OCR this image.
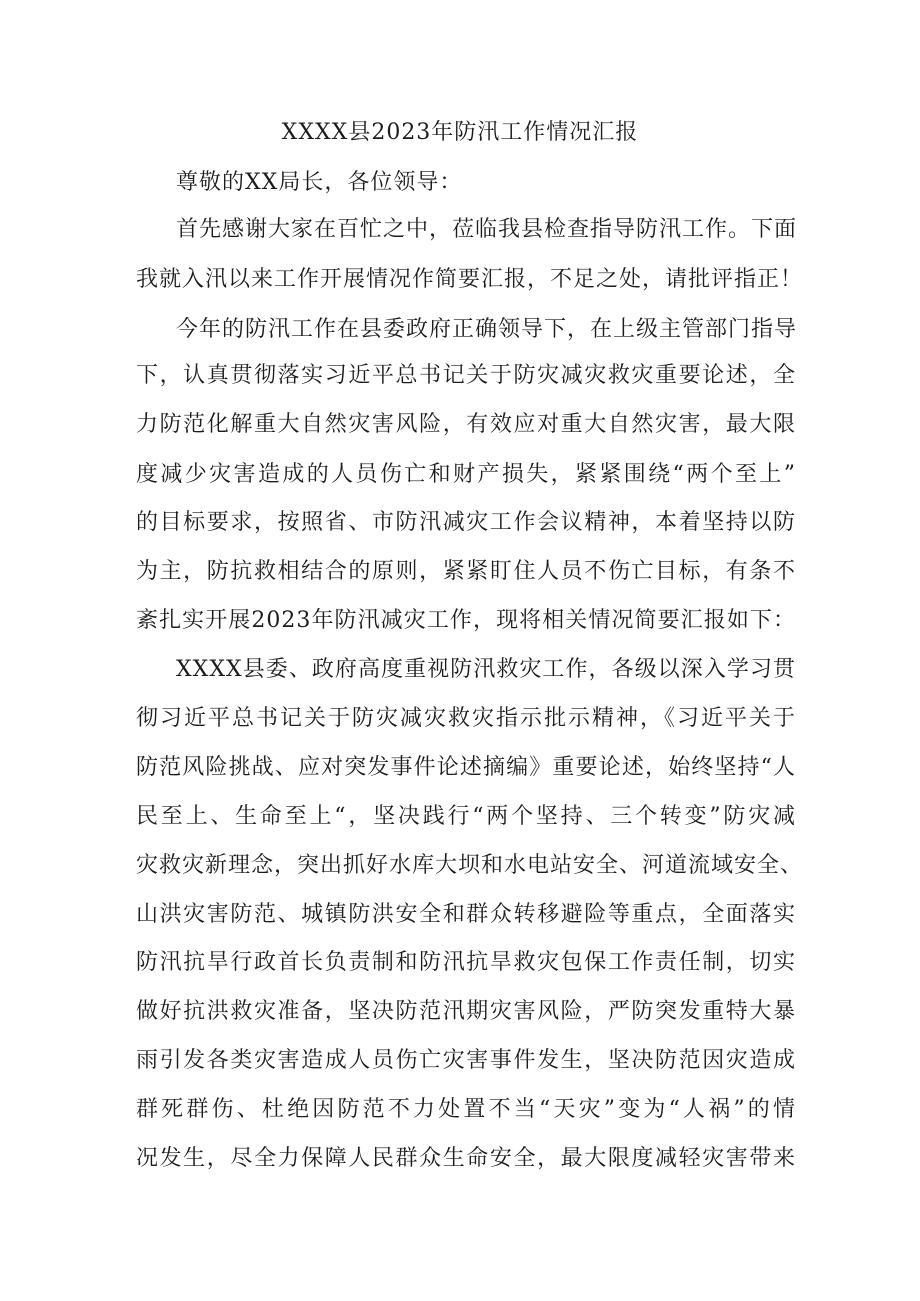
XXXX县2023年防汛工作情况汇报
尊敬的XX局长，各位领导：
首先感谢大家在百忙之中，莅临我县检查指导防汛工作。下面
我就入汛以来工作开展情况作简要汇报，不足之处，请批评指正！
今年的防汛工作在县委政府正确领导下，在上级主管部门指导
下，认真贯彻落实习近平总书记关于防灾减灾救灾重要论述，全
力防范化解重大自然灾害风险，有效应对重大自然灾害，最大限
度减少灾害造成的人员伤亡和财产损失，紧紧围绕“两个至上”
的目标要求，按照省、市防汛减灾工作会议精神，本着坚持以防
为主，防抗救相结合的原则，紧紧盯住人员不伤亡目标，有条不
紊扎实开展2023年防汛减灾工作，现将相关情况简要汇报如下：
XXXX县委、政府高度重视防汛救灾工作，各级以深入学习贯
彻习近平总书记关于防灾减灾救灾指示批示精神，《习近平关于
防范风险挑战、应对突发事件论述摘编》重要论述，始终坚持“人
民至上、生命至上“，坚决践行“两个坚持、三个转变”防灾减
灾救灾新理念，突出抓好水库大坝和水电站安全、河道流域安全、
山洪灾害防范、城镇防洪安全和群众转移避险等重点，全面落实
防汛抗旱行政首长负责制和防汛抗旱救灾包保工作责任制，切实
做好抗洪救灾准备，坚决防范汛期灾害风险，严防突发重特大暴
雨引发各类灾害造成人员伤亡灾害事件发生，坚决防范因灾造成
群死群伤、杜绝因防范不力处置不当“天灾”变为“人祸”的情
况发生，尽全力保障人民群众生命安全，最大限度减轻灾害带来
